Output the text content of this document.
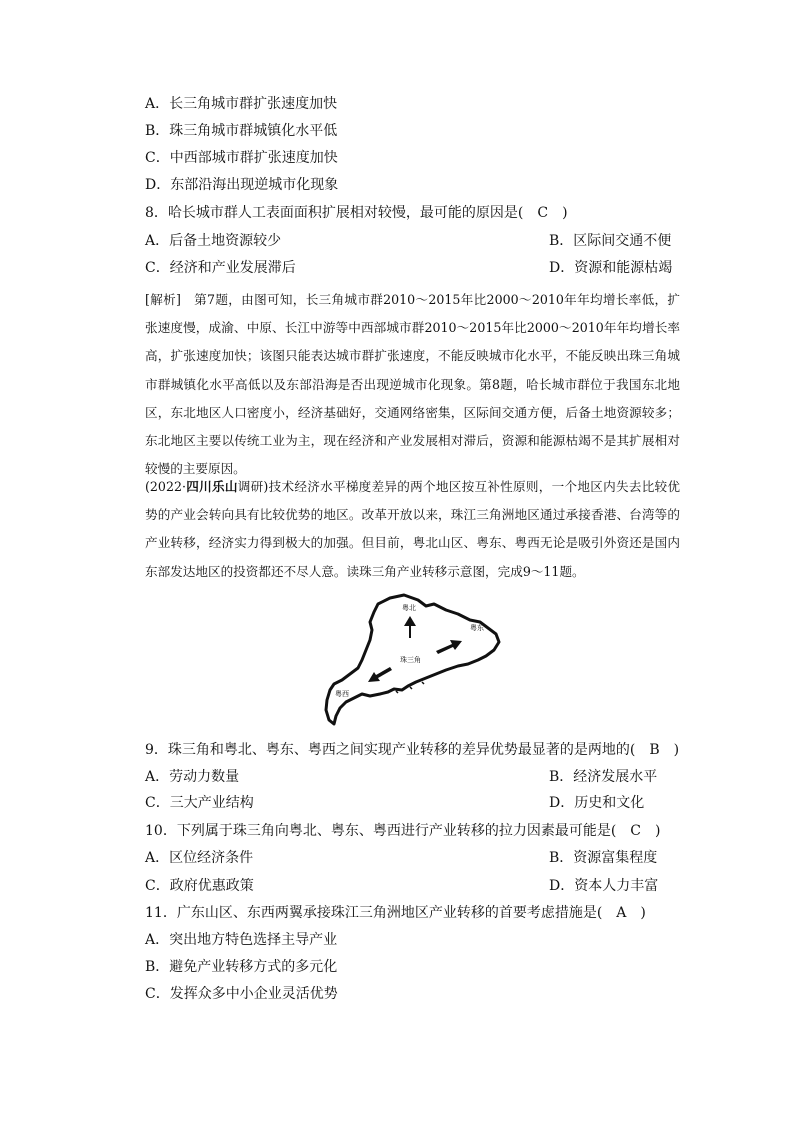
A．长三角城市群扩张速度加快
B．珠三角城市群城镇化水平低
C．中西部城市群扩张速度加快
D．东部沿海出现逆城市化现象
8．哈长城市群人工表面面积扩展相对较慢，最可能的原因是(　C　)
A．后备土地资源较少	B．区际间交通不便
C．经济和产业发展滞后	D．资源和能源枯竭
[解析]　第7题，由图可知，长三角城市群2010～2015年比2000～2010年年均增长率低，扩张速度慢，成渝、中原、长江中游等中西部城市群2010～2015年比2000～2010年年均增长率高，扩张速度加快；该图只能表达城市群扩张速度，不能反映城市化水平，不能反映出珠三角城市群城镇化水平高低以及东部沿海是否出现逆城市化现象。第8题，哈长城市群位于我国东北地区，东北地区人口密度小，经济基础好，交通网络密集，区际间交通方便，后备土地资源较多；东北地区主要以传统工业为主，现在经济和产业发展相对滞后，资源和能源枯竭不是其扩展相对较慢的主要原因。
(2022·四川乐山调研)技术经济水平梯度差异的两个地区按互补性原则，一个地区内失去比较优势的产业会转向具有比较优势的地区。改革开放以来，珠江三角洲地区通过承接香港、台湾等的产业转移，经济实力得到极大的加强。但目前，粤北山区、粤东、粤西无论是吸引外资还是国内东部发达地区的投资都还不尽人意。读珠三角产业转移示意图，完成9～11题。
粤北
粤东
粤西
珠三角
9．珠三角和粤北、粤东、粤西之间实现产业转移的差异优势最显著的是两地的(　B　)
A．劳动力数量	B．经济发展水平
C．三大产业结构	D．历史和文化
10．下列属于珠三角向粤北、粤东、粤西进行产业转移的拉力因素最可能是(　C　)
A．区位经济条件	B．资源富集程度
C．政府优惠政策	D．资本人力丰富
11．广东山区、东西两翼承接珠江三角洲地区产业转移的首要考虑措施是(　A　)
A．突出地方特色选择主导产业
B．避免产业转移方式的多元化
C．发挥众多中小企业灵活优势
